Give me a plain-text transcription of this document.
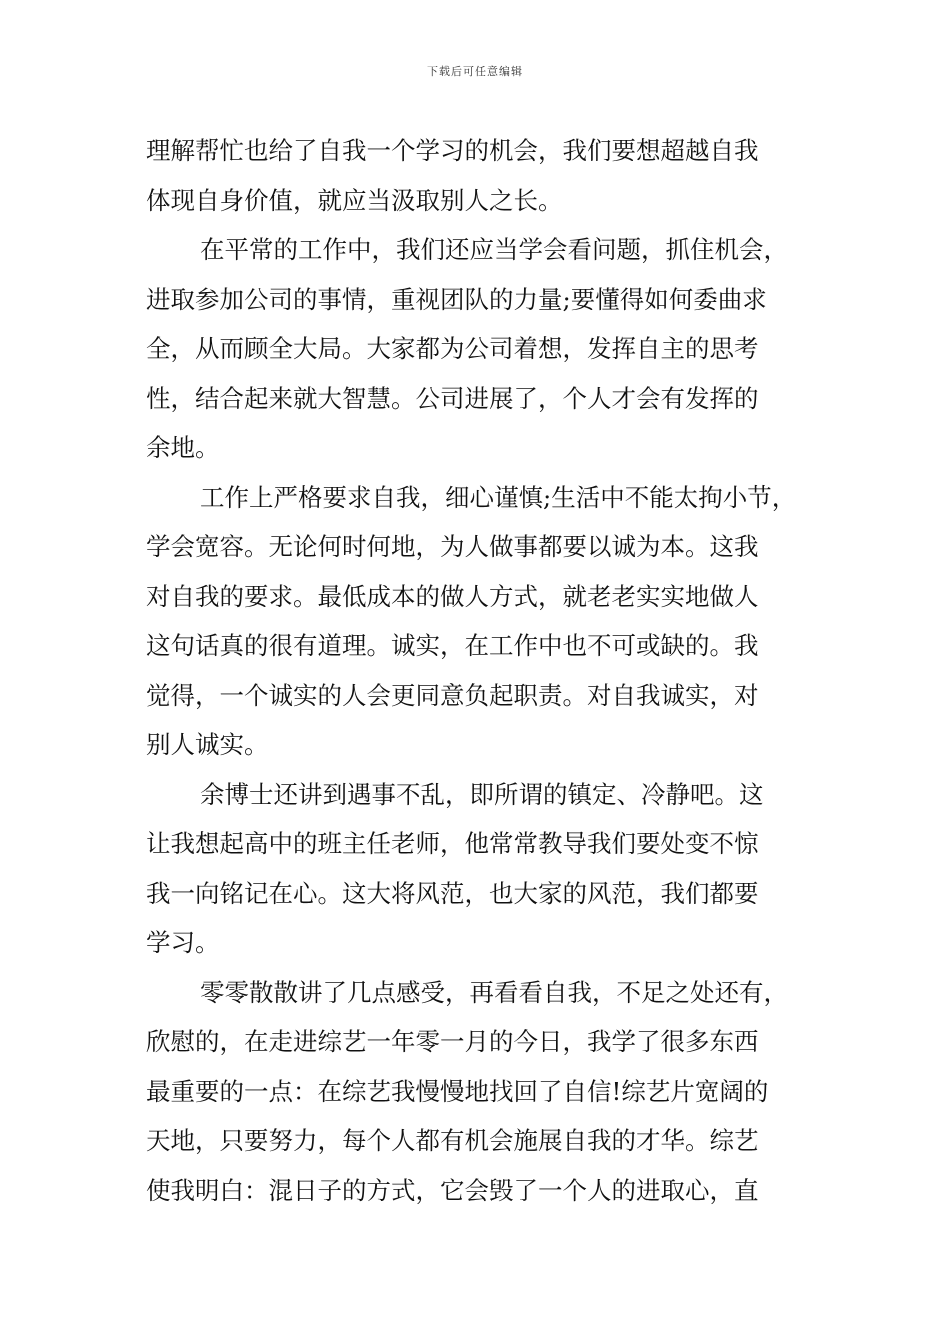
下载后可任意编辑
理解帮忙也给了自我一个学习的机会，我们要想超越自我
体现自身价值，就应当汲取别人之长。
在平常的工作中，我们还应当学会看问题，抓住机会，
进取参加公司的事情，重视团队的力量;要懂得如何委曲求
全，从而顾全大局。大家都为公司着想，发挥自主的思考
性，结合起来就大智慧。公司进展了，个人才会有发挥的
余地。
工作上严格要求自我，细心谨慎;生活中不能太拘小节，
学会宽容。无论何时何地，为人做事都要以诚为本。这我
对自我的要求。最低成本的做人方式，就老老实实地做人
这句话真的很有道理。诚实，在工作中也不可或缺的。我
觉得，一个诚实的人会更同意负起职责。对自我诚实，对
别人诚实。
余博士还讲到遇事不乱，即所谓的镇定、冷静吧。这
让我想起高中的班主任老师，他常常教导我们要处变不惊
我一向铭记在心。这大将风范，也大家的风范，我们都要
学习。
零零散散讲了几点感受，再看看自我，不足之处还有，
欣慰的，在走进综艺一年零一月的今日，我学了很多东西
最重要的一点：在综艺我慢慢地找回了自信!综艺片宽阔的
天地，只要努力，每个人都有机会施展自我的才华。综艺
使我明白：混日子的方式，它会毁了一个人的进取心，直
